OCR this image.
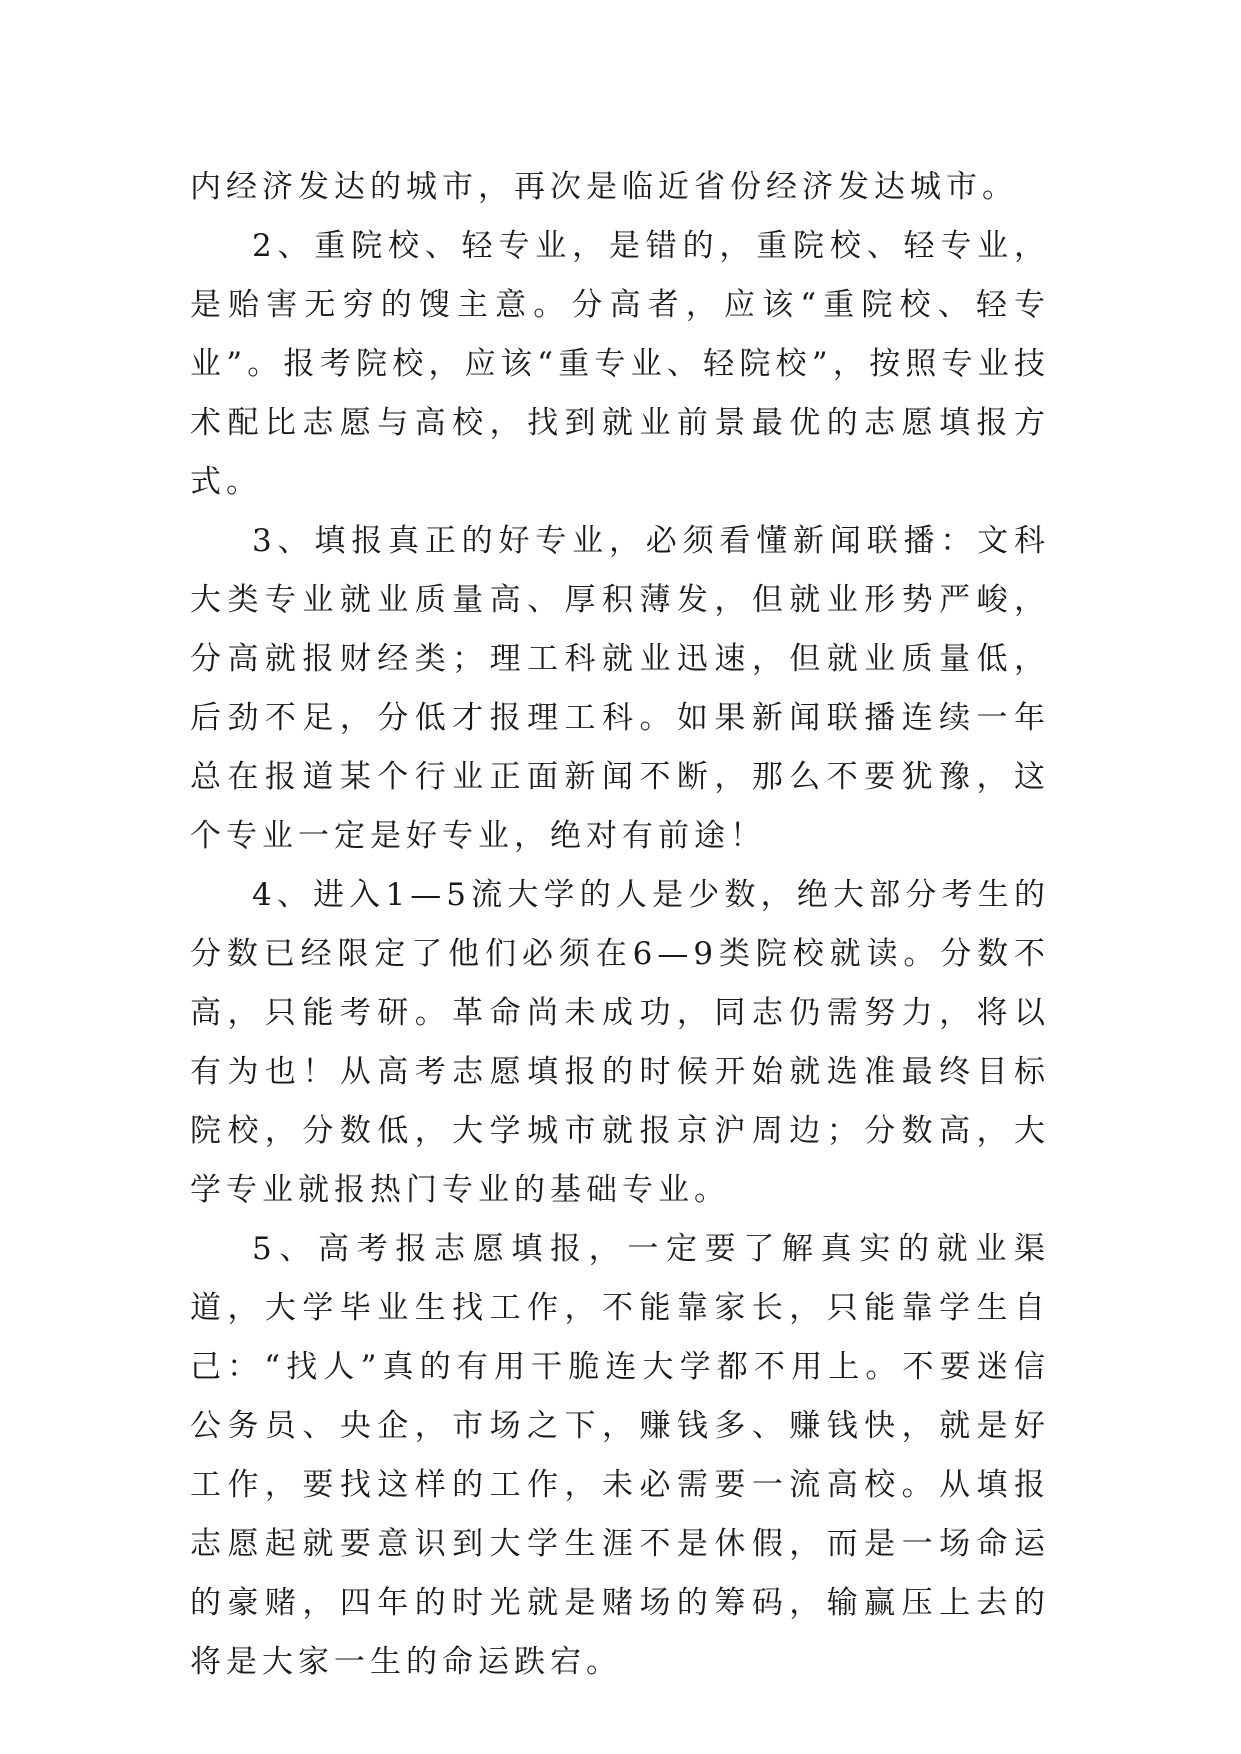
内经济发达的城市，再次是临近省份经济发达城市。

2、重院校、轻专业，是错的，重院校、轻专业，是贻害无穷的馊主意。分高者，应该“重院校、轻专业”。报考院校，应该“重专业、轻院校”，按照专业技术配比志愿与高校，找到就业前景最优的志愿填报方式。

3、填报真正的好专业，必须看懂新闻联播：文科大类专业就业质量高、厚积薄发，但就业形势严峻，分高就报财经类；理工科就业迅速，但就业质量低，后劲不足，分低才报理工科。如果新闻联播连续一年总在报道某个行业正面新闻不断，那么不要犹豫，这个专业一定是好专业，绝对有前途！

4、进入1—5流大学的人是少数，绝大部分考生的分数已经限定了他们必须在6—9类院校就读。分数不高，只能考研。革命尚未成功，同志仍需努力，将以有为也！从高考志愿填报的时候开始就选准最终目标院校，分数低，大学城市就报京沪周边；分数高，大学专业就报热门专业的基础专业。

5、高考报志愿填报，一定要了解真实的就业渠道，大学毕业生找工作，不能靠家长，只能靠学生自己：“找人”真的有用干脆连大学都不用上。不要迷信公务员、央企，市场之下，赚钱多、赚钱快，就是好工作，要找这样的工作，未必需要一流高校。从填报志愿起就要意识到大学生涯不是休假，而是一场命运的豪赌，四年的时光就是赌场的筹码，输赢压上去的将是大家一生的命运跌宕。
